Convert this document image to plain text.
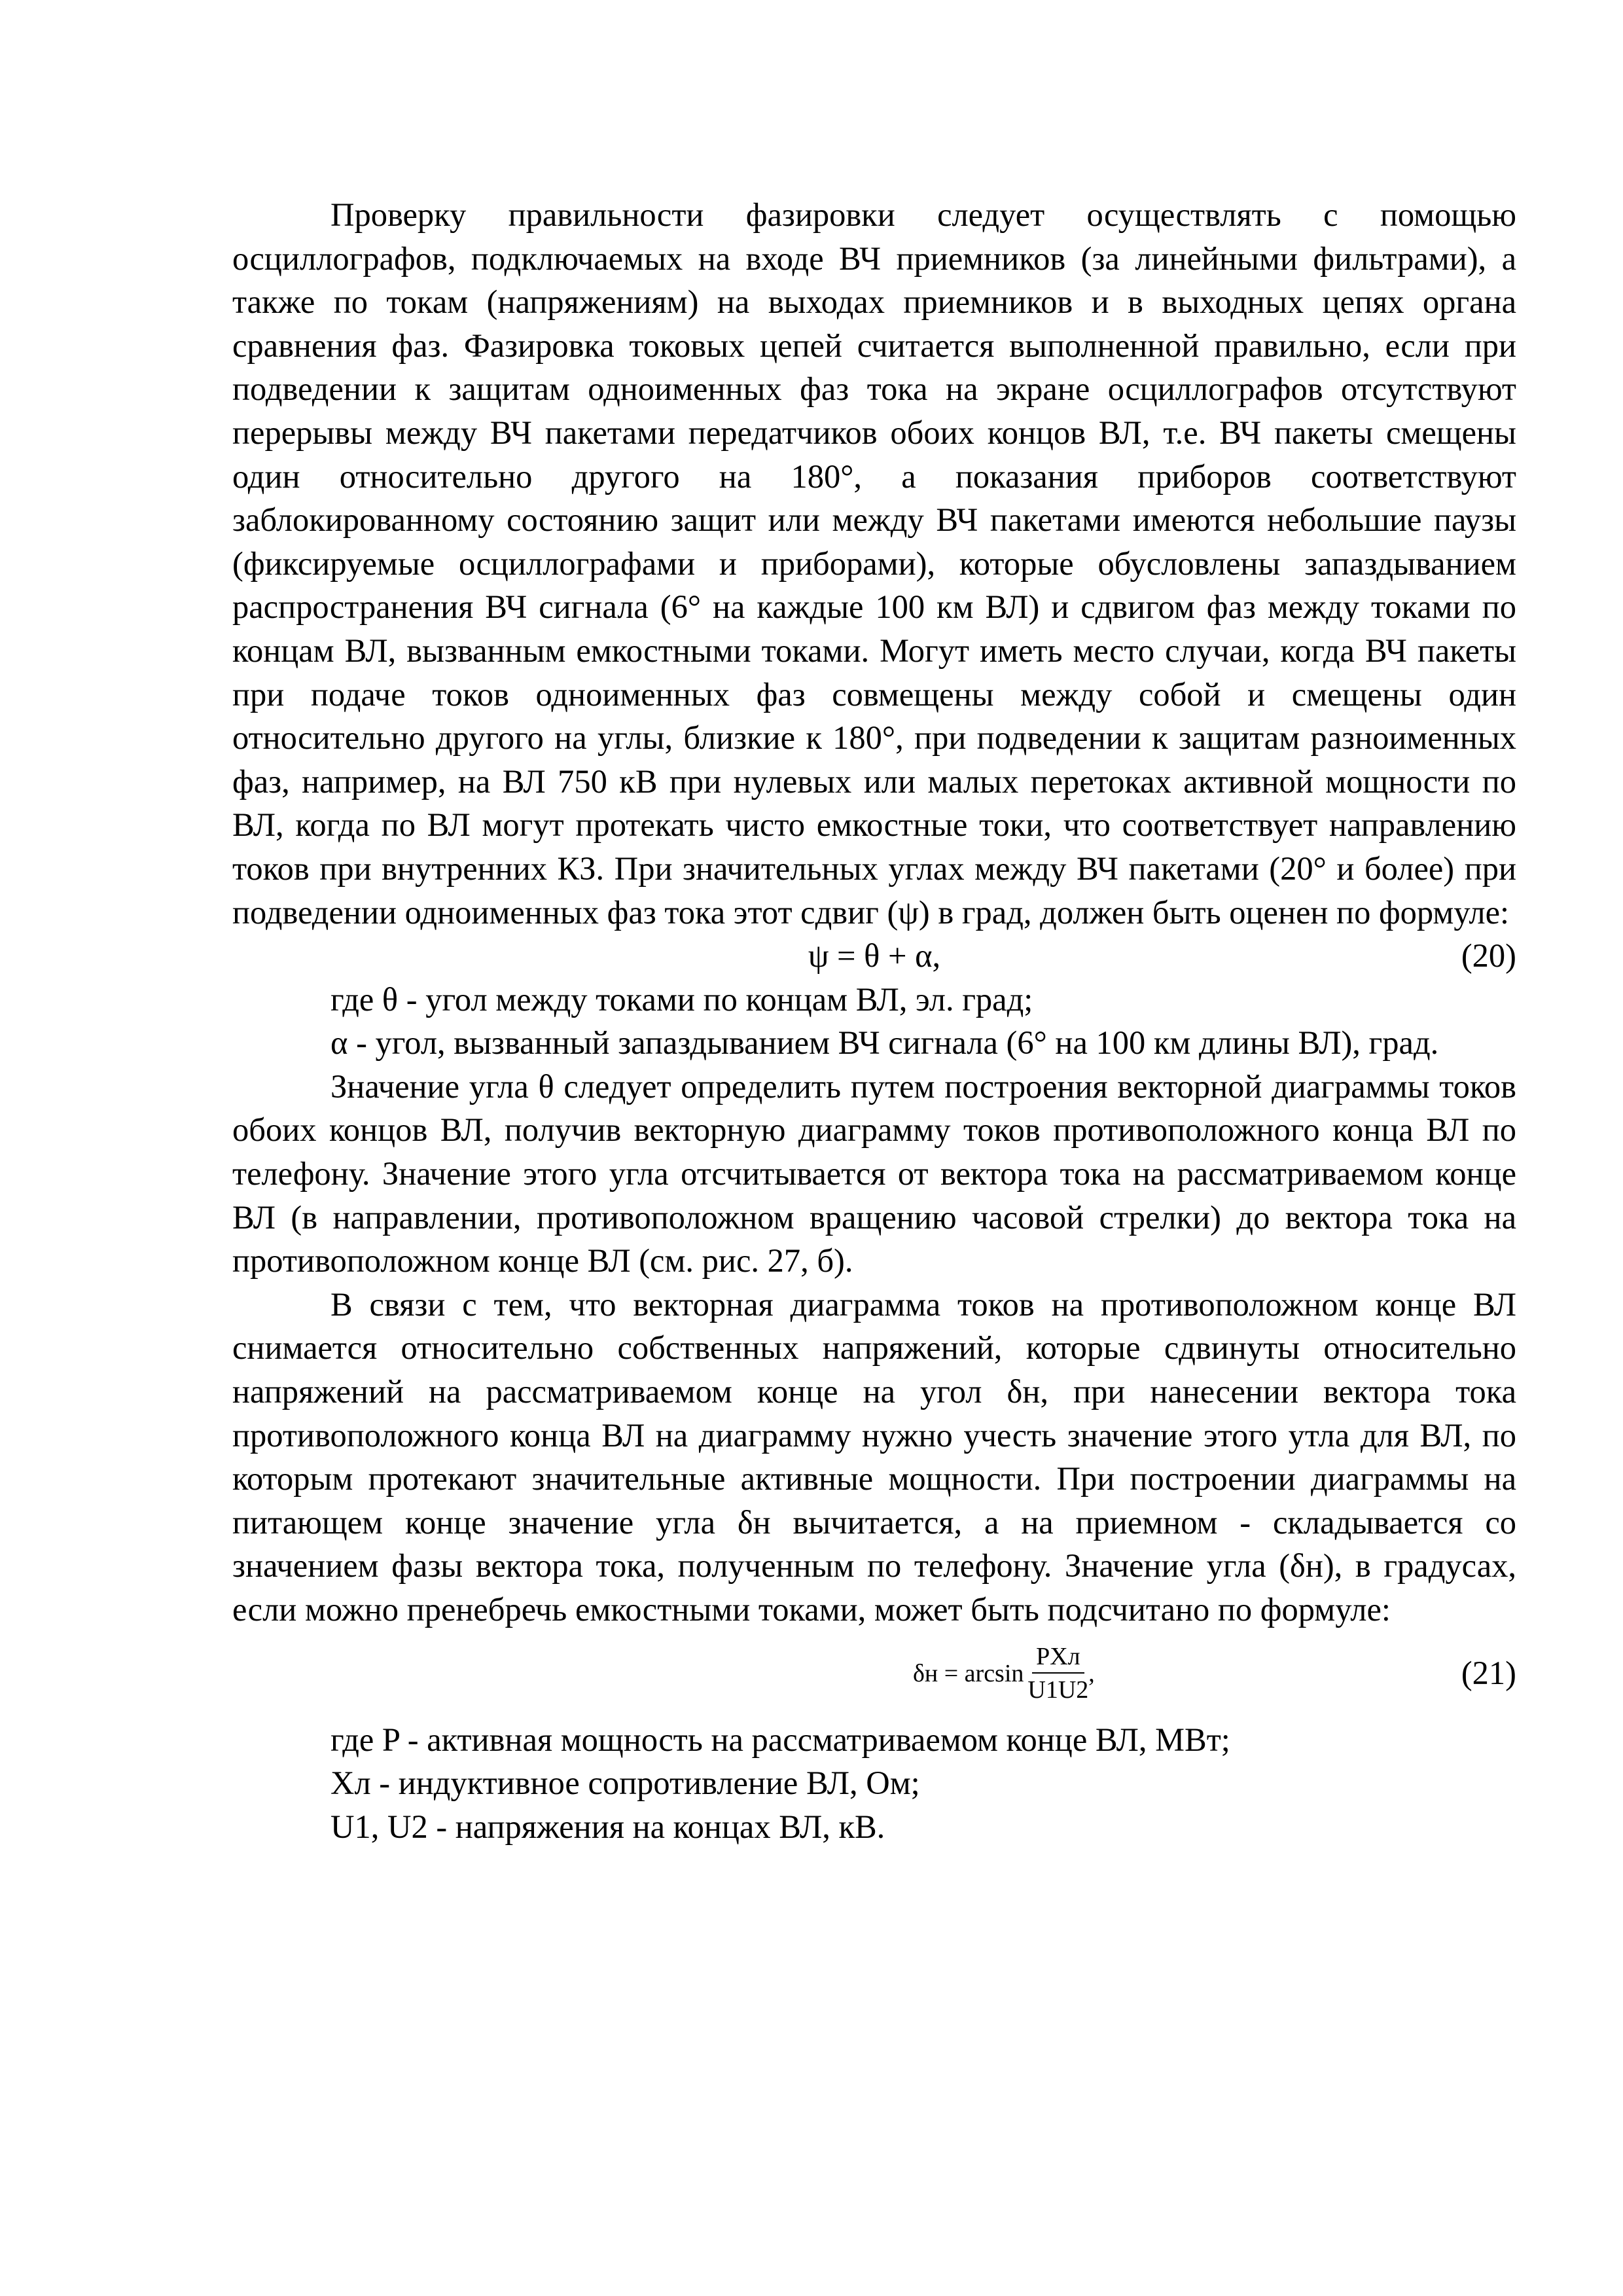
Проверку правильности фазировки следует осуществлять с помощью осциллографов, подключаемых на входе ВЧ приемников (за линейными фильтрами), а также по токам (напряжениям) на выходах приемников и в выходных цепях органа сравнения фаз. Фазировка токовых цепей считается выполненной правильно, если при подведении к защитам одноименных фаз тока на экране осциллографов отсутствуют перерывы между ВЧ пакетами передатчиков обоих концов ВЛ, т.е. ВЧ пакеты смещены один относительно другого на 180°, а показания приборов соответствуют заблокированному состоянию защит или между ВЧ пакетами имеются небольшие паузы (фиксируемые осциллографами и приборами), которые обусловлены запаздыванием распространения ВЧ сигнала (6° на каждые 100 км ВЛ) и сдвигом фаз между токами по концам ВЛ, вызванным емкостными токами. Могут иметь место случаи, когда ВЧ пакеты при подаче токов одноименных фаз совмещены между собой и смещены один относительно другого на углы, близкие к 180°, при подведении к защитам разноименных фаз, например, на ВЛ 750 кВ при нулевых или малых перетоках активной мощности по ВЛ, когда по ВЛ могут протекать чисто емкостные токи, что соответствует направлению токов при внутренних КЗ. При значительных углах между ВЧ пакетами (20° и более) при подведении одноименных фаз тока этот сдвиг (ψ) в град, должен быть оценен по формуле:

ψ = θ + α,	(20)

где θ - угол между токами по концам ВЛ, эл. град;

α - угол, вызванный запаздыванием ВЧ сигнала (6° на 100 км длины ВЛ), град.

Значение угла θ следует определить путем построения векторной диаграммы токов обоих концов ВЛ, получив векторную диаграмму токов противоположного конца ВЛ по телефону. Значение этого угла отсчитывается от вектора тока на рассматриваемом конце ВЛ (в направлении, противоположном вращению часовой стрелки) до вектора тока на противоположном конце ВЛ (см. рис. 27, б).

В связи с тем, что векторная диаграмма токов на противоположном конце ВЛ снимается относительно собственных напряжений, которые сдвинуты относительно напряжений на рассматриваемом конце на угол δн, при нанесении вектора тока противоположного конца ВЛ на диаграмму нужно учесть значение этого утла для ВЛ, по которым протекают значительные активные мощности. При построении диаграммы на питающем конце значение угла δн вычитается, а на приемном - складывается со значением фазы вектора тока, полученным по телефону. Значение угла (δн), в градусах, если можно пренебречь емкостными токами, может быть подсчитано по формуле:

$\delta н = \arcsin \frac{\text{PXл}}{U1U2}$ ,	(21)
где P - активная мощность на рассматриваемом конце ВЛ, МВт;
Xл - индуктивное сопротивление ВЛ, Ом;
U1, U2 - напряжения на концах ВЛ, кВ.
